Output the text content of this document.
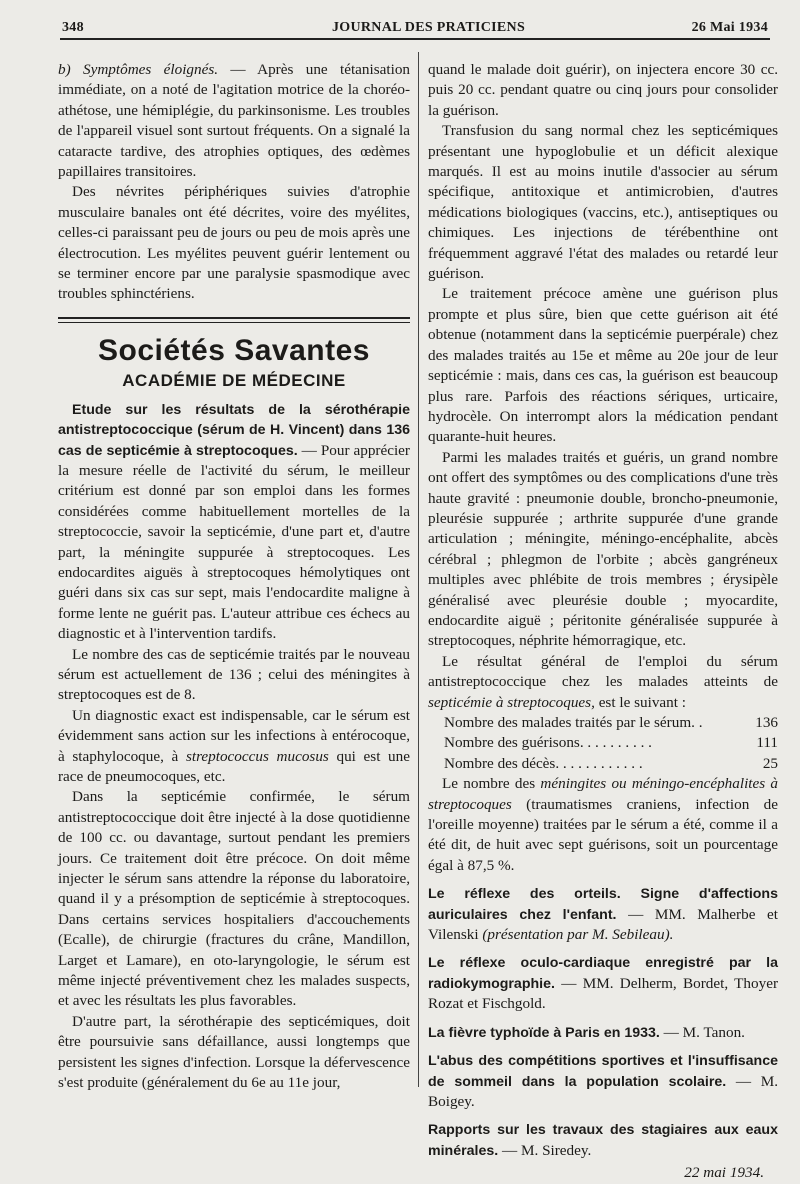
348	JOURNAL DES PRATICIENS	26 Mai 1934

b) Symptômes éloignés. — Après une tétanisation immédiate, on a noté de l'agitation motrice de la choréo-athétose, une hémiplégie, du parkinsonisme. Les troubles de l'appareil visuel sont surtout fréquents. On a signalé la cataracte tardive, des atrophies optiques, des œdèmes papillaires transitoires.

Des névrites périphériques suivies d'atrophie musculaire banales ont été décrites, voire des myélites, celles-ci paraissant peu de jours ou peu de mois après une électrocution. Les myélites peuvent guérir lentement ou se terminer encore par une paralysie spasmodique avec troubles sphinctériens.

Sociétés Savantes
ACADÉMIE DE MÉDECINE

Etude sur les résultats de la sérothérapie antistreptococcique (sérum de H. Vincent) dans 136 cas de septicémie à streptocoques. — Pour apprécier la mesure réelle de l'activité du sérum, le meilleur critérium est donné par son emploi dans les formes considérées comme habituellement mortelles de la streptococcie, savoir la septicémie, d'une part et, d'autre part, la méningite suppurée à streptocoques. Les endocardites aiguës à streptocoques hémolytiques ont guéri dans six cas sur sept, mais l'endocardite maligne à forme lente ne guérit pas. L'auteur attribue ces échecs au diagnostic et à l'intervention tardifs.

Le nombre des cas de septicémie traités par le nouveau sérum est actuellement de 136 ; celui des méningites à streptocoques est de 8.

Un diagnostic exact est indispensable, car le sérum est évidemment sans action sur les infections à entérocoque, à staphylocoque, à streptococcus mucosus qui est une race de pneumocoques, etc.

Dans la septicémie confirmée, le sérum antistreptococcique doit être injecté à la dose quotidienne de 100 cc. ou davantage, surtout pendant les premiers jours. Ce traitement doit être précoce. On doit même injecter le sérum sans attendre la réponse du laboratoire, quand il y a présomption de septicémie à streptocoques. Dans certains services hospitaliers d'accouchements (Ecalle), de chirurgie (fractures du crâne, Mandillon, Larget et Lamare), en oto-laryngologie, le sérum est même injecté préventivement chez les malades suspects, et avec les résultats les plus favorables.

D'autre part, la sérothérapie des septicémiques, doit être poursuivie sans défaillance, aussi longtemps que persistent les signes d'infection. Lorsque la défervescence s'est produite (généralement du 6e au 11e jour,

quand le malade doit guérir), on injectera encore 30 cc. puis 20 cc. pendant quatre ou cinq jours pour consolider la guérison.

Transfusion du sang normal chez les septicémiques présentant une hypoglobulie et un déficit alexique marqués. Il est au moins inutile d'associer au sérum spécifique, antitoxique et antimicrobien, d'autres médications biologiques (vaccins, etc.), antiseptiques ou chimiques. Les injections de térébenthine ont fréquemment aggravé l'état des malades ou retardé leur guérison.

Le traitement précoce amène une guérison plus prompte et plus sûre, bien que cette guérison ait été obtenue (notamment dans la septicémie puerpérale) chez des malades traités au 15e et même au 20e jour de leur septicémie : mais, dans ces cas, la guérison est beaucoup plus rare. Parfois des réactions sériques, urticaire, hydrocèle. On interrompt alors la médication pendant quarante-huit heures.

Parmi les malades traités et guéris, un grand nombre ont offert des symptômes ou des complications d'une très haute gravité : pneumonie double, broncho-pneumonie, pleurésie suppurée ; arthrite suppurée d'une grande articulation ; méningite, méningo-encéphalite, abcès cérébral ; phlegmon de l'orbite ; abcès gangréneux multiples avec phlébite de trois membres ; érysipèle généralisé avec pleurésie double ; myocardite, endocardite aiguë ; péritonite généralisée suppurée à streptocoques, néphrite hémorragique, etc.

Le résultat général de l'emploi du sérum antistreptococcique chez les malades atteints de septicémie à streptocoques, est le suivant :

Nombre des malades traités par le sérum. .	136
Nombre des guérisons. . . . . . . . . .	111
Nombre des décès. . . . . . . . . . . .	25

Le nombre des méningites ou méningo-encéphalites à streptocoques (traumatismes craniens, infection de l'oreille moyenne) traitées par le sérum a été, comme il a été dit, de huit avec sept guérisons, soit un pourcentage égal à 87,5 %.

Le réflexe des orteils. Signe d'affections auriculaires chez l'enfant. — MM. Malherbe et Vilenski (présentation par M. Sebileau).

Le réflexe oculo-cardiaque enregistré par la radiokymographie. — MM. Delherm, Bordet, Thoyer Rozat et Fischgold.

La fièvre typhoïde à Paris en 1933. — M. Tanon.

L'abus des compétitions sportives et l'insuffisance de sommeil dans la population scolaire. — M. Boigey.

Rapports sur les travaux des stagiaires aux eaux minérales. — M. Siredey.

22 mai 1934.
